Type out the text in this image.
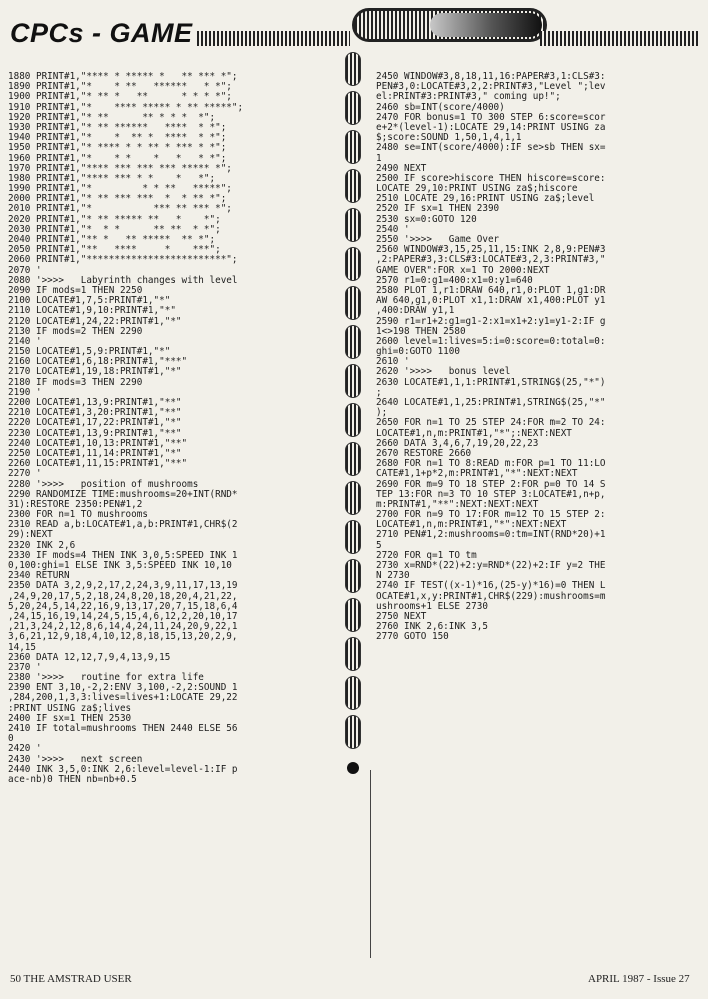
CPCs - GAME
1880 PRINT#1,"**** * ***** *   ** *** *";
1890 PRINT#1,"*    * **   ******   * *";
1900 PRINT#1,"* ** *   **      * * * *";
1910 PRINT#1,"*    **** ***** * ** *****";
1920 PRINT#1,"* **      ** * * *  *";
1930 PRINT#1,"* ** ******   ****  * *";
1940 PRINT#1,"*    *  ** *  ****  * *";
1950 PRINT#1,"* **** * * ** * *** * *";
1960 PRINT#1,"*    * *    *   *   * *";
1970 PRINT#1,"**** *** *** *** ***** *";
1980 PRINT#1,"**** *** * *    *   *";
1990 PRINT#1,"*         * * **   *****";
2000 PRINT#1,"* ** *** ***  *  * ** *";
2010 PRINT#1,"*           *** ** *** *";
2020 PRINT#1,"* ** ***** **   *    *";
2030 PRINT#1,"*  * *      ** **  * *";
2040 PRINT#1,"** *   ** *****  ** *";
2050 PRINT#1,"**   ****     *    ***";
2060 PRINT#1,"*************************";
2070 '
2080 '>>>>   Labyrinth changes with level
2090 IF mods=1 THEN 2250
2100 LOCATE#1,7,5:PRINT#1,"*"
2110 LOCATE#1,9,10:PRINT#1,"*"
2120 LOCATE#1,24,22:PRINT#1,"*"
2130 IF mods=2 THEN 2290
2140 '
2150 LOCATE#1,5,9:PRINT#1,"*"
2160 LOCATE#1,6,18:PRINT#1,"***"
2170 LOCATE#1,19,18:PRINT#1,"*"
2180 IF mods=3 THEN 2290
2190 '
2200 LOCATE#1,13,9:PRINT#1,"**"
2210 LOCATE#1,3,20:PRINT#1,"**"
2220 LOCATE#1,17,22:PRINT#1,"*"
2230 LOCATE#1,13,9:PRINT#1,"**"
2240 LOCATE#1,10,13:PRINT#1,"**"
2250 LOCATE#1,11,14:PRINT#1,"*"
2260 LOCATE#1,11,15:PRINT#1,"**"
2270 '
2280 '>>>>   position of mushrooms
2290 RANDOMIZE TIME:mushrooms=20+INT(RND*
31):RESTORE 2350:PEN#1,2
2300 FOR n=1 TO mushrooms
2310 READ a,b:LOCATE#1,a,b:PRINT#1,CHR$(2
29):NEXT
2320 INK 2,6
2330 IF mods=4 THEN INK 3,0,5:SPEED INK 1
0,100:ghi=1 ELSE INK 3,5:SPEED INK 10,10
2340 RETURN
2350 DATA 3,2,9,2,17,2,24,3,9,11,17,13,19
,24,9,20,17,5,2,18,24,8,20,18,20,4,21,22,
5,20,24,5,14,22,16,9,13,17,20,7,15,18,6,4
,24,15,16,19,14,24,5,15,4,6,12,2,20,10,17
,21,3,24,2,12,8,6,14,4,24,11,24,20,9,22,1
3,6,21,12,9,18,4,10,12,8,18,15,13,20,2,9,
14,15
2360 DATA 12,12,7,9,4,13,9,15
2370 '
2380 '>>>>   routine for extra life
2390 ENT 3,10,-2,2:ENV 3,100,-2,2:SOUND 1
,284,200,1,3,3:lives=lives+1:LOCATE 29,22
:PRINT USING za$;lives
2400 IF sx=1 THEN 2530
2410 IF total=mushrooms THEN 2440 ELSE 56
0
2420 '
2430 '>>>>   next screen
2440 INK 3,5,0:INK 2,6:level=level-1:IF p
ace-nb)0 THEN nb=nb+0.5
2450 WINDOW#3,8,18,11,16:PAPER#3,1:CLS#3:
PEN#3,0:LOCATE#3,2,2:PRINT#3,"Level ";lev
el:PRINT#3:PRINT#3," coming up!";
2460 sb=INT(score/4000)
2470 FOR bonus=1 TO 300 STEP 6:score=scor
e+2*(level-1):LOCATE 29,14:PRINT USING za
$;score:SOUND 1,50,1,4,1,1
2480 se=INT(score/4000):IF se>sb THEN sx=
1
2490 NEXT
2500 IF score>hiscore THEN hiscore=score:
LOCATE 29,10:PRINT USING za$;hiscore
2510 LOCATE 29,16:PRINT USING za$;level
2520 IF sx=1 THEN 2390
2530 sx=0:GOTO 120
2540 '
2550 '>>>>   Game Over
2560 WINDOW#3,15,25,11,15:INK 2,8,9:PEN#3
,2:PAPER#3,3:CLS#3:LOCATE#3,2,3:PRINT#3,"
GAME OVER":FOR x=1 TO 2000:NEXT
2570 r1=0:g1=400:x1=0:y1=640
2580 PLOT 1,r1:DRAW 640,r1,0:PLOT 1,g1:DR
AW 640,g1,0:PLOT x1,1:DRAW x1,400:PLOT y1
,400:DRAW y1,1
2590 r1=r1+2:g1=g1-2:x1=x1+2:y1=y1-2:IF g
1<>198 THEN 2580
2600 level=1:lives=5:i=0:score=0:total=0:
ghi=0:GOTO 1100
2610 '
2620 '>>>>   bonus level
2630 LOCATE#1,1,1:PRINT#1,STRING$(25,"*")
;
2640 LOCATE#1,1,25:PRINT#1,STRING$(25,"*"
);
2650 FOR n=1 TO 25 STEP 24:FOR m=2 TO 24:
LOCATE#1,n,m:PRINT#1,"*";:NEXT:NEXT
2660 DATA 3,4,6,7,19,20,22,23
2670 RESTORE 2660
2680 FOR n=1 TO 8:READ m:FOR p=1 TO 11:LO
CATE#1,1+p*2,m:PRINT#1,"*":NEXT:NEXT
2690 FOR m=9 TO 18 STEP 2:FOR p=0 TO 14 S
TEP 13:FOR n=3 TO 10 STEP 3:LOCATE#1,n+p,
m:PRINT#1,"**":NEXT:NEXT:NEXT
2700 FOR n=9 TO 17:FOR m=12 TO 15 STEP 2:
LOCATE#1,n,m:PRINT#1,"*":NEXT:NEXT
2710 PEN#1,2:mushrooms=0:tm=INT(RND*20)+1
5
2720 FOR q=1 TO tm
2730 x=RND*(22)+2:y=RND*(22)+2:IF y=2 THE
N 2730
2740 IF TEST((x-1)*16,(25-y)*16)=0 THEN L
OCATE#1,x,y:PRINT#1,CHR$(229):mushrooms=m
ushrooms+1 ELSE 2730
2750 NEXT
2760 INK 2,6:INK 3,5
2770 GOTO 150
50 THE AMSTRAD USER	APRIL 1987 - Issue 27
